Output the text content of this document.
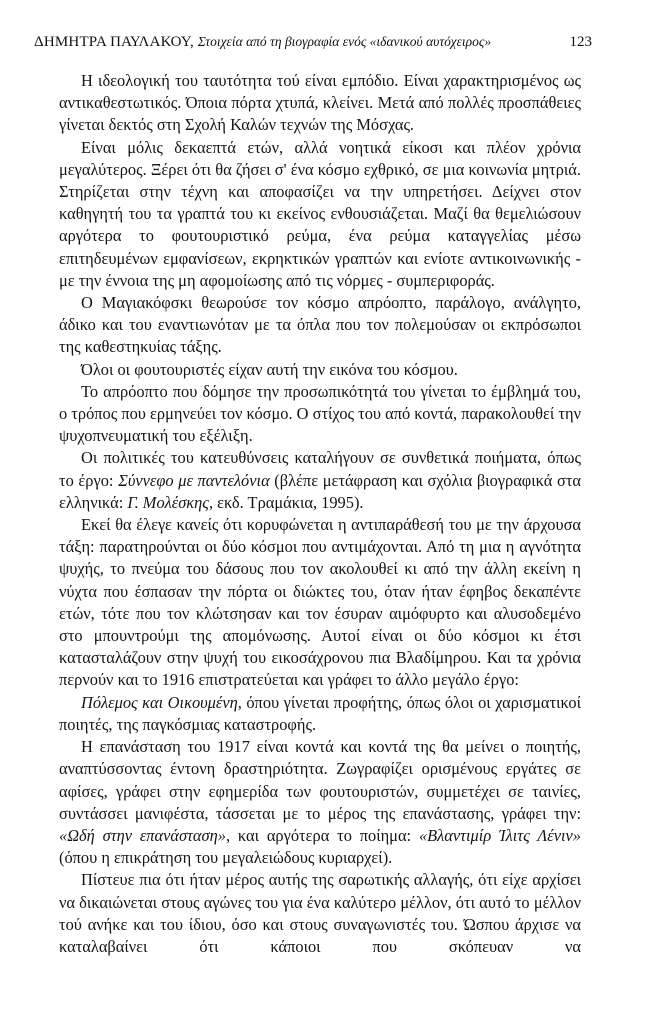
ΔΗΜΗΤΡΑ ΠΑΥΛΑΚΟΥ, Στοιχεία από τη βιογραφία ενός «ιδανικού αυτόχειρος»	123

Η ιδεολογική του ταυτότητα τού είναι εμπόδιο. Είναι χαρακτηρισμένος ως αντικαθεστωτικός. Όποια πόρτα χτυπά, κλείνει. Μετά από πολλές προσπάθειες γίνεται δεκτός στη Σχολή Καλών τεχνών της Μόσχας.

Είναι μόλις δεκαεπτά ετών, αλλά νοητικά είκοσι και πλέον χρόνια μεγαλύτερος. Ξέρει ότι θα ζήσει σ' ένα κόσμο εχθρικό, σε μια κοινωνία μητριά. Στηρίζεται στην τέχνη και αποφασίζει να την υπηρετήσει. Δείχνει στον καθηγητή του τα γραπτά του κι εκείνος ενθουσιάζεται. Μαζί θα θεμελιώσουν αργότερα το φουτουριστικό ρεύμα, ένα ρεύμα καταγγελίας μέσω επιτηδευμένων εμφανίσεων, εκρηκτικών γραπτών και ενίοτε αντικοινωνικής - με την έννοια της μη αφομοίωσης από τις νόρμες - συμπεριφοράς.

Ο Μαγιακόφσκι θεωρούσε τον κόσμο απρόοπτο, παράλογο, ανάλγητο, άδικο και του εναντιωνόταν με τα όπλα που τον πολεμούσαν οι εκπρόσωποι της καθεστηκυίας τάξης.

Όλοι οι φουτουριστές είχαν αυτή την εικόνα του κόσμου.

Το απρόοπτο που δόμησε την προσωπικότητά του γίνεται το έμβλημά του, ο τρόπος που ερμηνεύει τον κόσμο. Ο στίχος του από κοντά, παρακολουθεί την ψυχοπνευματική του εξέλιξη.

Οι πολιτικές του κατευθύνσεις καταλήγουν σε συνθετικά ποιήματα, όπως το έργο: Σύννεφο με παντελόνια (βλέπε μετάφραση και σχόλια βιογραφικά στα ελληνικά: Γ. Μολέσκης, εκδ. Τραμάκια, 1995).

Εκεί θα έλεγε κανείς ότι κορυφώνεται η αντιπαράθεσή του με την άρχουσα τάξη: παρατηρούνται οι δύο κόσμοι που αντιμάχονται. Από τη μια η αγνότητα ψυχής, το πνεύμα του δάσους που τον ακολουθεί κι από την άλλη εκείνη η νύχτα που έσπασαν την πόρτα οι διώκτες του, όταν ήταν έφηβος δεκαπέντε ετών, τότε που τον κλώτσησαν και τον έσυραν αιμόφυρτο και αλυσοδεμένο στο μπουντρούμι της απομόνωσης. Αυτοί είναι οι δύο κόσμοι κι έτσι κατασταλάζουν στην ψυχή του εικοσάχρονου πια Βλαδίμηρου. Και τα χρόνια περνούν και το 1916 επιστρατεύεται και γράφει το άλλο μεγάλο έργο:

Πόλεμος και Οικουμένη, όπου γίνεται προφήτης, όπως όλοι οι χαρισματικοί ποιητές, της παγκόσμιας καταστροφής.

Η επανάσταση του 1917 είναι κοντά και κοντά της θα μείνει ο ποιητής, αναπτύσσοντας έντονη δραστηριότητα. Ζωγραφίζει ορισμένους εργάτες σε αφίσες, γράφει στην εφημερίδα των φουτουριστών, συμμετέχει σε ταινίες, συντάσσει μανιφέστα, τάσσεται με το μέρος της επανάστασης, γράφει την: «Ωδή στην επανάσταση», και αργότερα το ποίημα: «Βλαντιμίρ Ίλιτς Λένιν» (όπου η επικράτηση του μεγαλειώδους κυριαρχεί).

Πίστευε πια ότι ήταν μέρος αυτής της σαρωτικής αλλαγής, ότι είχε αρχίσει να δικαιώνεται στους αγώνες του για ένα καλύτερο μέλλον, ότι αυτό το μέλλον τού ανήκε και του ίδιου, όσο και στους συναγωνιστές του. Ώσπου άρχισε να καταλαβαίνει ότι κάποιοι που σκόπευαν να
